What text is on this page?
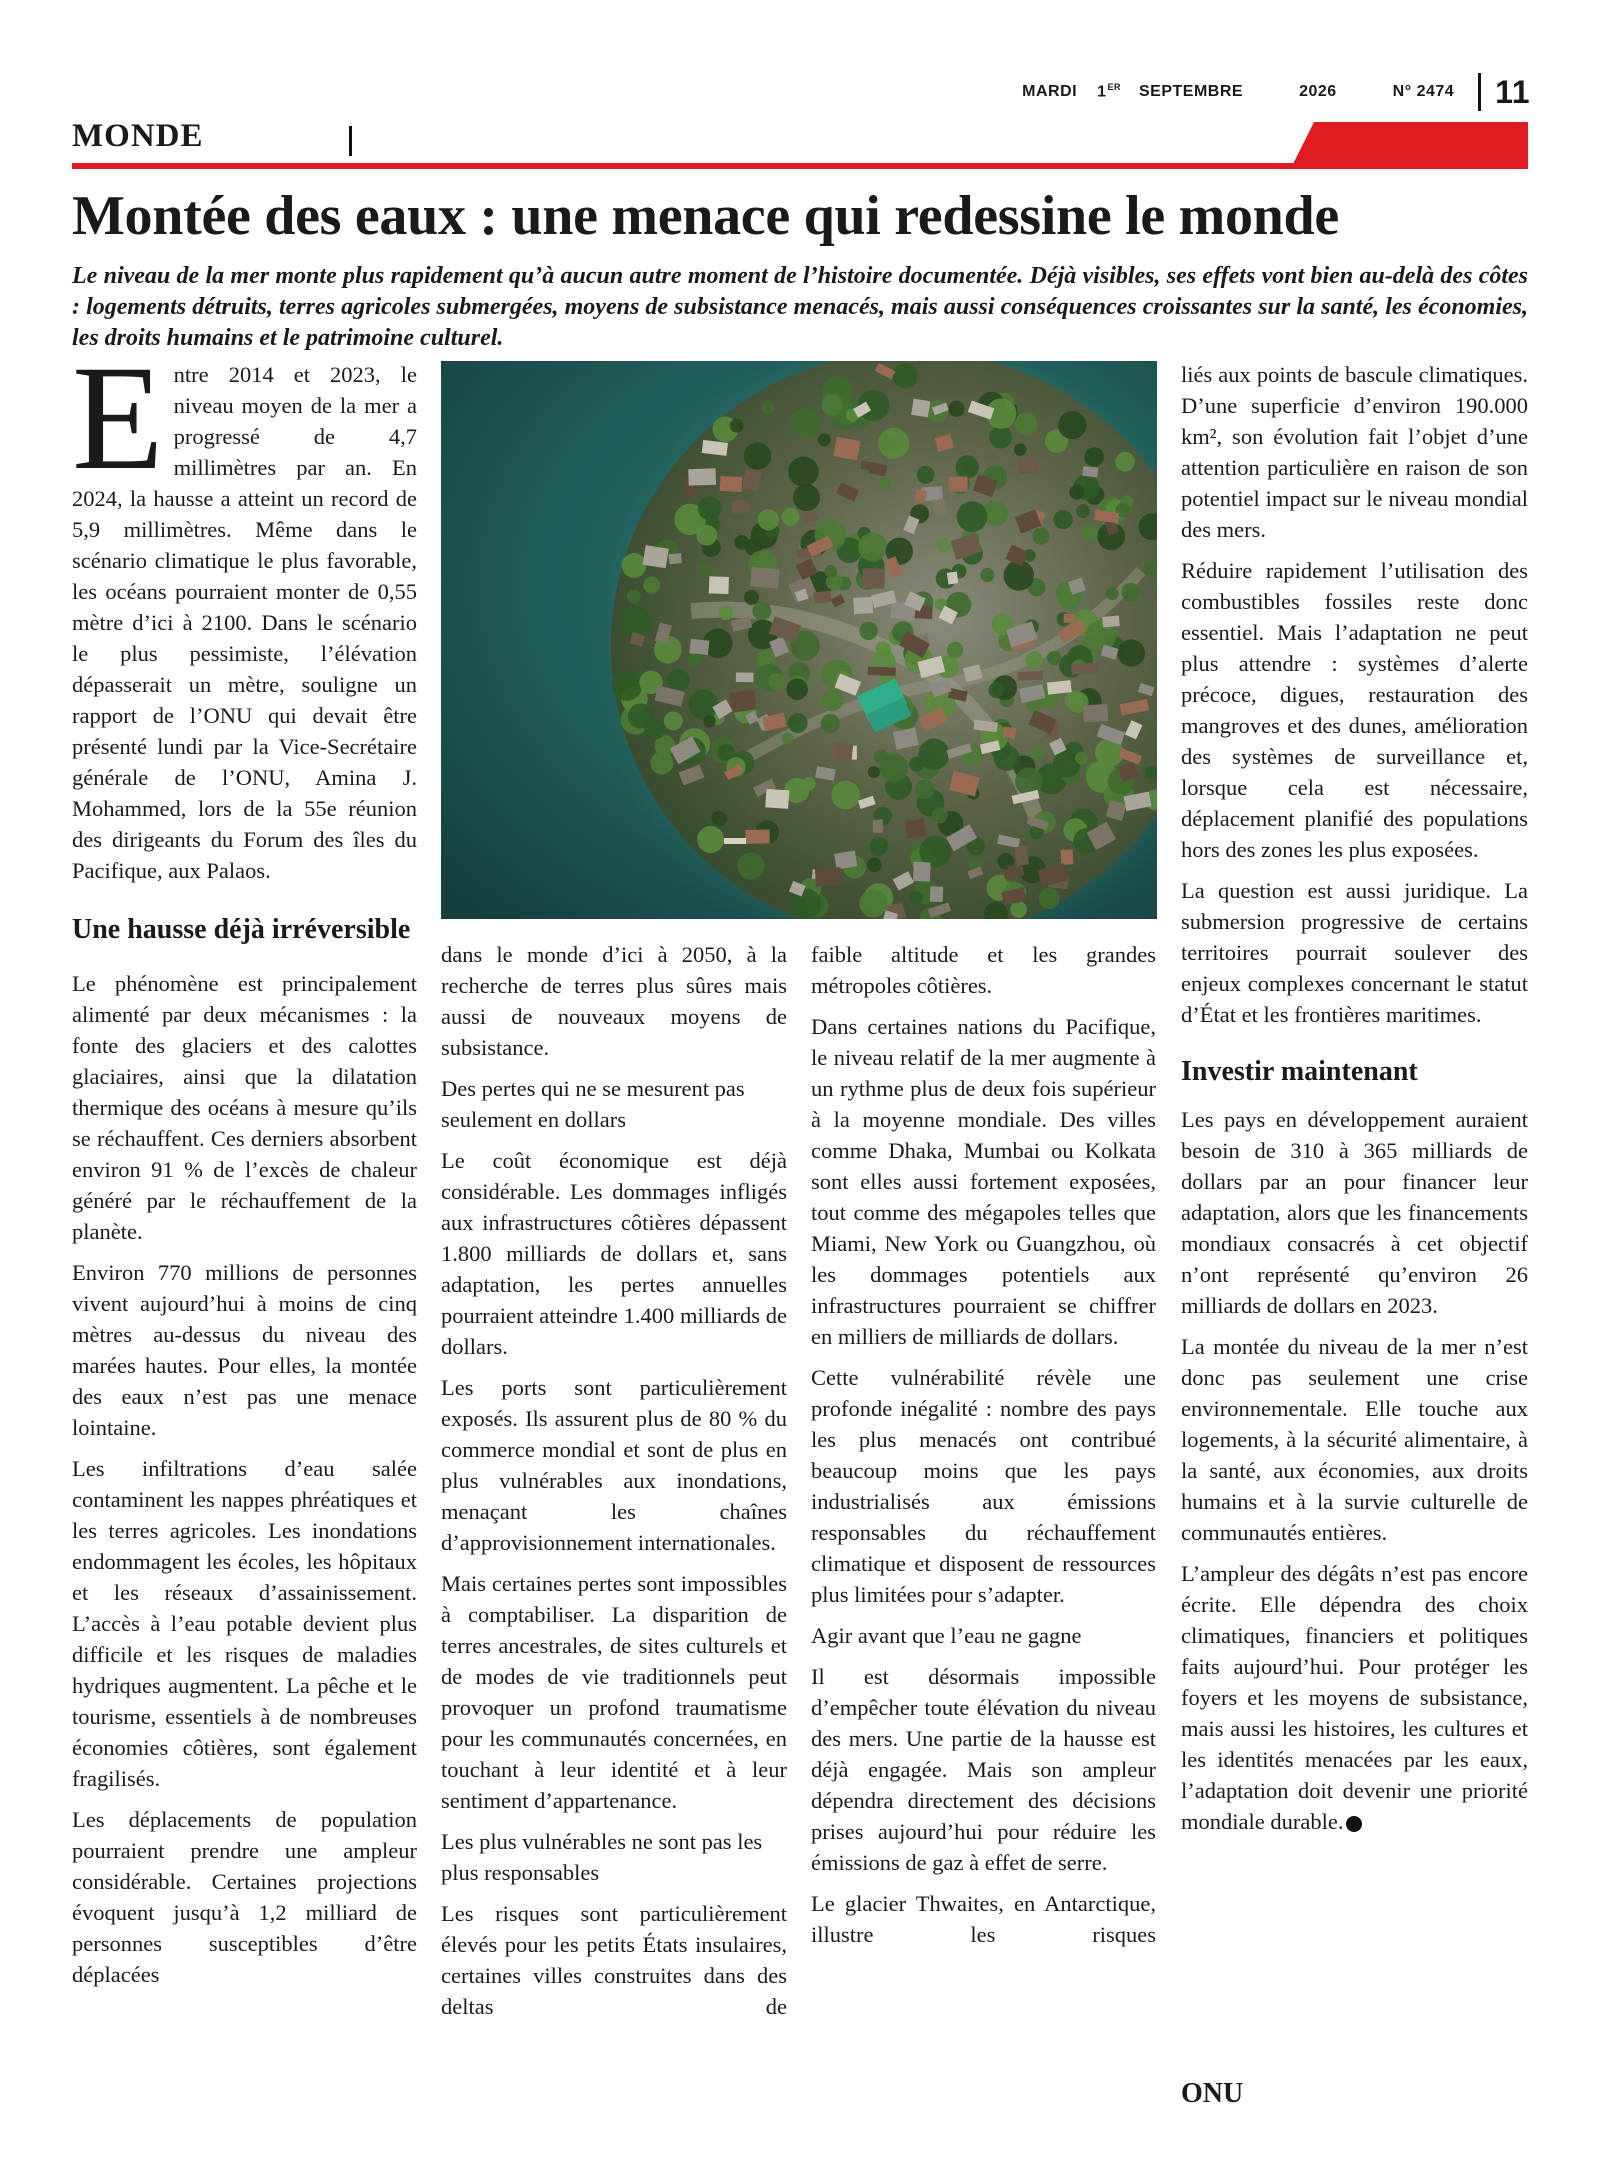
MARDI 1ER SEPTEMBRE	2026	N° 2474 11
MONDE
Le National
Montée des eaux : une menace qui redessine le monde

Le niveau de la mer monte plus rapidement qu’à aucun autre moment de l’histoire documentée. Déjà visibles, ses effets vont bien au-delà des côtes : logements détruits, terres agricoles submergées, moyens de subsistance menacés, mais aussi conséquences croissantes sur la santé, les économies, les droits humains et le patrimoine culturel.

Entre 2014 et 2023, le niveau moyen de la mer a progressé de 4,7 millimètres par an. En 2024, la hausse a atteint un record de 5,9 millimètres. Même dans le scénario climatique le plus favorable, les océans pourraient monter de 0,55 mètre d’ici à 2100. Dans le scénario le plus pessimiste, l’élévation dépasserait un mètre, souligne un rapport de l’ONU qui devait être présenté lundi par la Vice-Secrétaire générale de l’ONU, Amina J. Mohammed, lors de la 55e réunion des dirigeants du Forum des îles du Pacifique, aux Palaos.

Une hausse déjà irréversible

Le phénomène est principalement alimenté par deux mécanismes : la fonte des glaciers et des calottes glaciaires, ainsi que la dilatation thermique des océans à mesure qu’ils se réchauffent. Ces derniers absorbent environ 91 % de l’excès de chaleur généré par le réchauffement de la planète.

Environ 770 millions de personnes vivent aujourd’hui à moins de cinq mètres au-dessus du niveau des marées hautes. Pour elles, la montée des eaux n’est pas une menace lointaine.

Les infiltrations d’eau salée contaminent les nappes phréatiques et les terres agricoles. Les inondations endommagent les écoles, les hôpitaux et les réseaux d’assainissement. L’accès à l’eau potable devient plus difficile et les risques de maladies hydriques augmentent. La pêche et le tourisme, essentiels à de nombreuses économies côtières, sont également fragilisés.

Les déplacements de population pourraient prendre une ampleur considérable. Certaines projections évoquent jusqu’à 1,2 milliard de personnes susceptibles d’être déplacées

dans le monde d’ici à 2050, à la recherche de terres plus sûres mais aussi de nouveaux moyens de subsistance.

Des pertes qui ne se mesurent pas seulement en dollars

Le coût économique est déjà considérable. Les dommages infligés aux infrastructures côtières dépassent 1.800 milliards de dollars et, sans adaptation, les pertes annuelles pourraient atteindre 1.400 milliards de dollars.

Les ports sont particulièrement exposés. Ils assurent plus de 80 % du commerce mondial et sont de plus en plus vulnérables aux inondations, menaçant les chaînes d’approvisionnement internationales.

Mais certaines pertes sont impossibles à comptabiliser. La disparition de terres ancestrales, de sites culturels et de modes de vie traditionnels peut provoquer un profond traumatisme pour les communautés concernées, en touchant à leur identité et à leur sentiment d’appartenance.

Les plus vulnérables ne sont pas les plus responsables

Les risques sont particulièrement élevés pour les petits États insulaires, certaines villes construites dans des deltas de

faible altitude et les grandes métropoles côtières.

Dans certaines nations du Pacifique, le niveau relatif de la mer augmente à un rythme plus de deux fois supérieur à la moyenne mondiale. Des villes comme Dhaka, Mumbai ou Kolkata sont elles aussi fortement exposées, tout comme des mégapoles telles que Miami, New York ou Guangzhou, où les dommages potentiels aux infrastructures pourraient se chiffrer en milliers de milliards de dollars.

Cette vulnérabilité révèle une profonde inégalité : nombre des pays les plus menacés ont contribué beaucoup moins que les pays industrialisés aux émissions responsables du réchauffement climatique et disposent de ressources plus limitées pour s’adapter.

Agir avant que l’eau ne gagne

Il est désormais impossible d’empêcher toute élévation du niveau des mers. Une partie de la hausse est déjà engagée. Mais son ampleur dépendra directement des décisions prises aujourd’hui pour réduire les émissions de gaz à effet de serre.

Le glacier Thwaites, en Antarctique, illustre les risques

liés aux points de bascule climatiques. D’une superficie d’environ 190.000 km², son évolution fait l’objet d’une attention particulière en raison de son potentiel impact sur le niveau mondial des mers.

Réduire rapidement l’utilisation des combustibles fossiles reste donc essentiel. Mais l’adaptation ne peut plus attendre : systèmes d’alerte précoce, digues, restauration des mangroves et des dunes, amélioration des systèmes de surveillance et, lorsque cela est nécessaire, déplacement planifié des populations hors des zones les plus exposées.

La question est aussi juridique. La submersion progressive de certains territoires pourrait soulever des enjeux complexes concernant le statut d’État et les frontières maritimes.

Investir maintenant

Les pays en développement auraient besoin de 310 à 365 milliards de dollars par an pour financer leur adaptation, alors que les financements mondiaux consacrés à cet objectif n’ont représenté qu’environ 26 milliards de dollars en 2023.

La montée du niveau de la mer n’est donc pas seulement une crise environnementale. Elle touche aux logements, à la sécurité alimentaire, à la santé, aux économies, aux droits humains et à la survie culturelle de communautés entières.

L’ampleur des dégâts n’est pas encore écrite. Elle dépendra des choix climatiques, financiers et politiques faits aujourd’hui. Pour protéger les foyers et les moyens de subsistance, mais aussi les histoires, les cultures et les identités menacées par les eaux, l’adaptation doit devenir une priorité mondiale durable.

ONU
